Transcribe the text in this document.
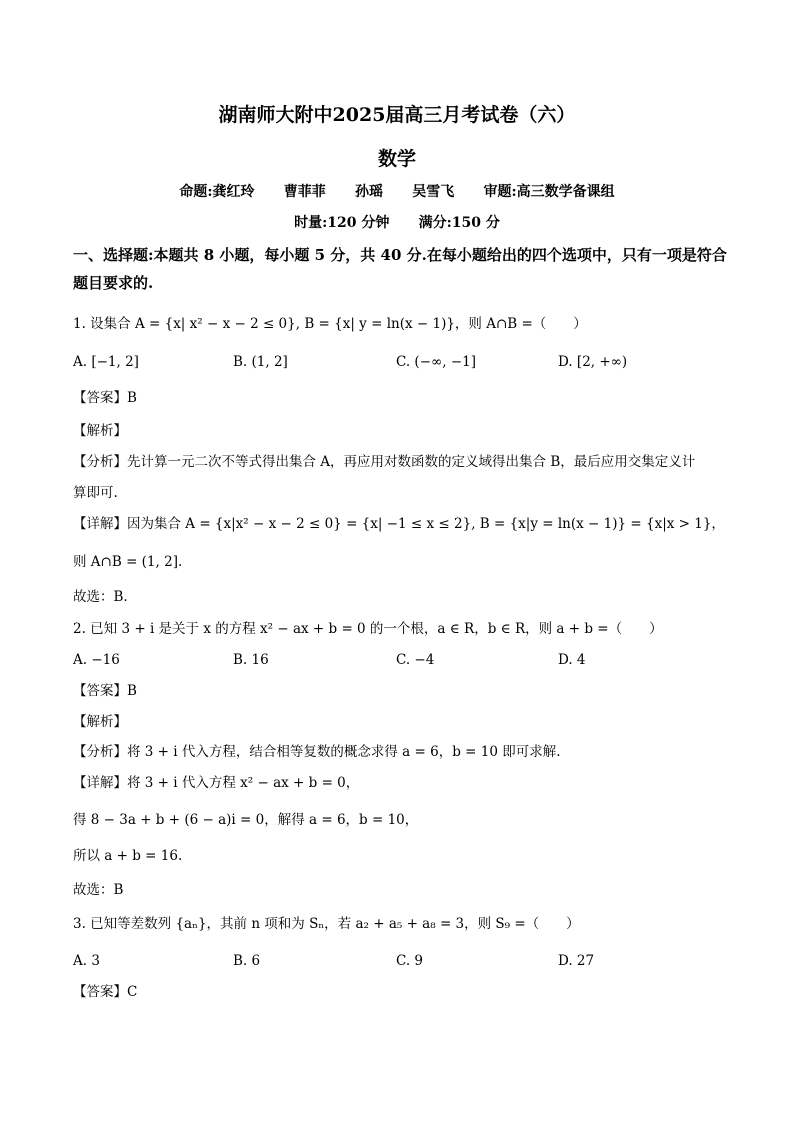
湖南师大附中2025届高三月考试卷（六）
数学
命题:龚红玲      曹菲菲      孙瑶      吴雪飞      审题:高三数学备课组
时量:120 分钟      满分:150 分
一、选择题:本题共 8 小题，每小题 5 分，共 40 分.在每小题给出的四个选项中，只有一项是符合题目要求的.
1. 设集合 A = {x| x² − x − 2 ≤ 0}, B = {x| y = ln(x − 1)}，则 A∩B =（　　）
A. [−1, 2]	B. (1, 2]	C. (−∞, −1]	D. [2, +∞)
【答案】B
【解析】
【分析】先计算一元二次不等式得出集合 A，再应用对数函数的定义域得出集合 B，最后应用交集定义计
算即可.
【详解】因为集合 A = {x|x² − x − 2 ≤ 0} = {x| −1 ≤ x ≤ 2}, B = {x|y = ln(x − 1)} = {x|x > 1}，
则 A∩B = (1, 2].
故选：B.
2. 已知 3 + i 是关于 x 的方程 x² − ax + b = 0 的一个根，a ∈ R，b ∈ R，则 a + b =（　　）
A. −16	B. 16	C. −4	D. 4
【答案】B
【解析】
【分析】将 3 + i 代入方程，结合相等复数的概念求得 a = 6，b = 10 即可求解.
【详解】将 3 + i 代入方程 x² − ax + b = 0，
得 8 − 3a + b + (6 − a)i = 0，解得 a = 6，b = 10，
所以 a + b = 16.
故选：B
3. 已知等差数列 {aₙ}，其前 n 项和为 Sₙ，若 a₂ + a₅ + a₈ = 3，则 S₉ =（　　）
A. 3	B. 6	C. 9	D. 27
【答案】C
